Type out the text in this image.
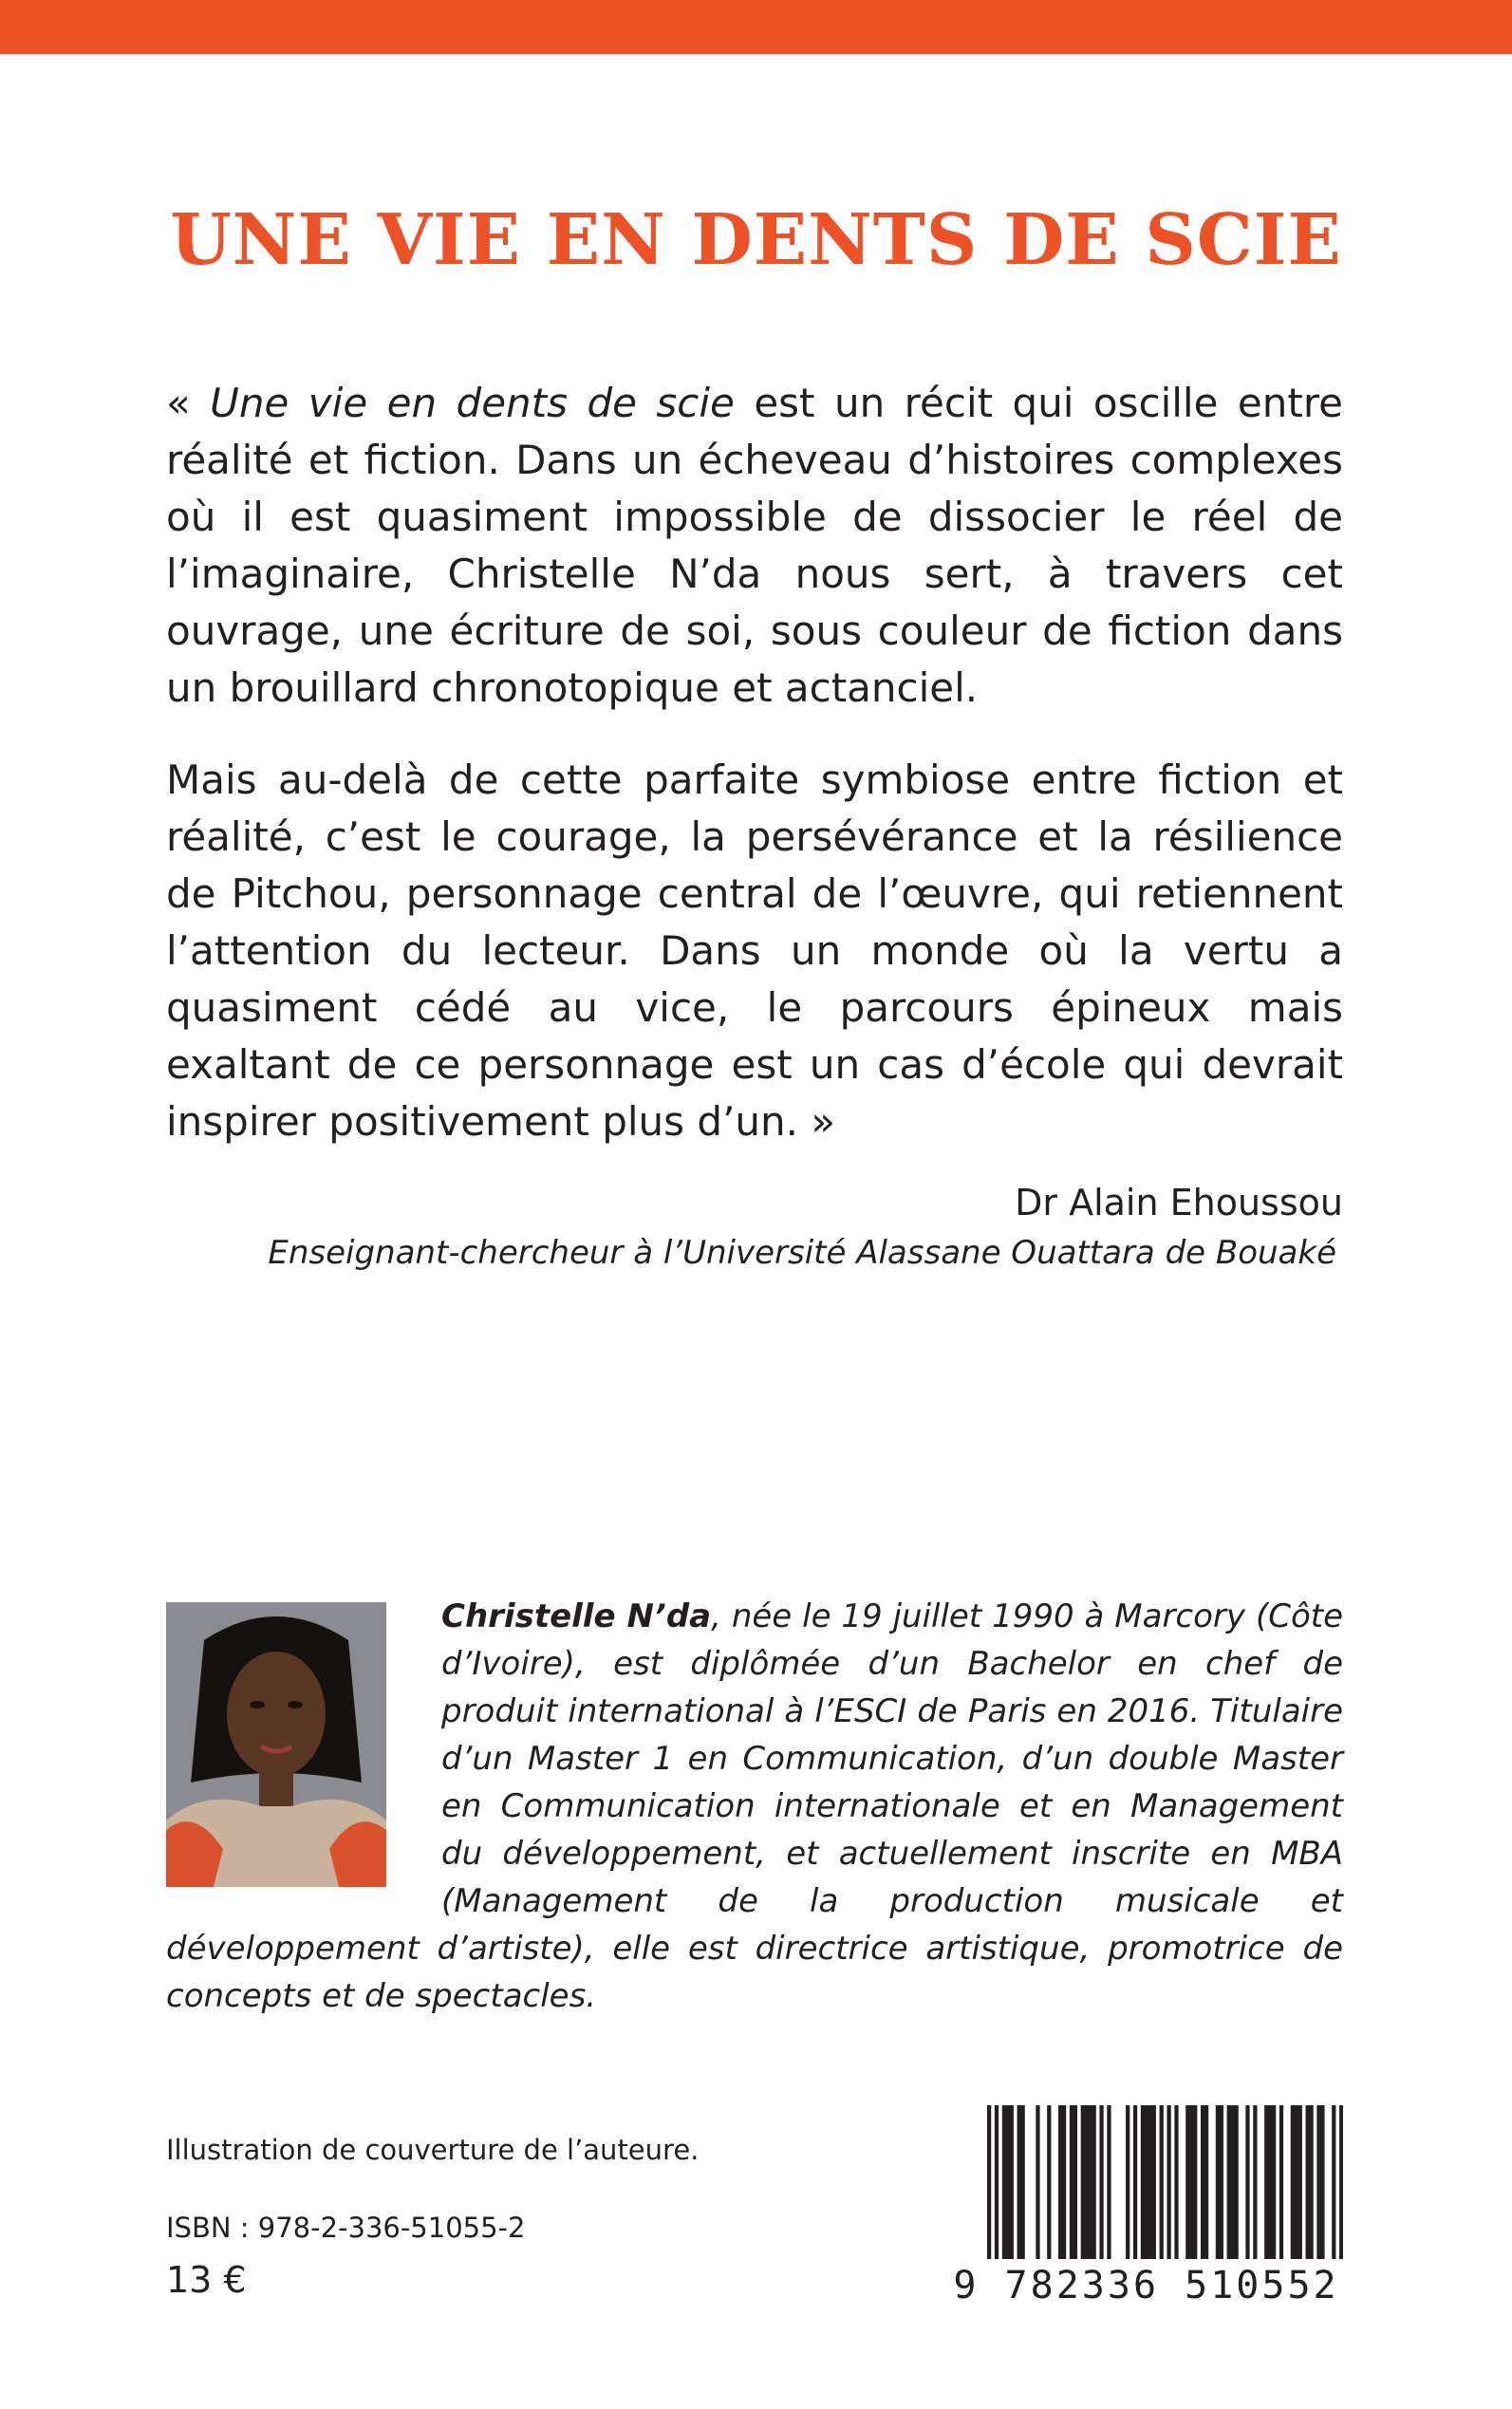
UNE VIE EN DENTS DE SCIE

« Une vie en dents de scie est un récit qui oscille entre réalité et fiction. Dans un écheveau d’histoires complexes où il est quasiment impossible de dissocier le réel de l’imaginaire, Christelle N’da nous sert, à travers cet ouvrage, une écriture de soi, sous couleur de fiction dans un brouillard chronotopique et actanciel.

Mais au-delà de cette parfaite symbiose entre fiction et réalité, c’est le courage, la persévérance et la résilience de Pitchou, personnage central de l’œuvre, qui retiennent l’attention du lecteur. Dans un monde où la vertu a quasiment cédé au vice, le parcours épineux mais exaltant de ce personnage est un cas d’école qui devrait inspirer positivement plus d’un. »

Dr Alain Ehoussou
Enseignant-chercheur à l’Université Alassane Ouattara de Bouaké

Christelle N’da, née le 19 juillet 1990 à Marcory (Côte d’Ivoire), est diplômée d’un Bachelor en chef de produit international à l’ESCI de Paris en 2016. Titulaire d’un Master 1 en Communication, d’un double Master en Communication internationale et en Management du développement, et actuellement inscrite en MBA (Management de la production musicale et développement d’artiste), elle est directrice artistique, promotrice de concepts et de spectacles.

Illustration de couverture de l’auteure.
ISBN : 978-2-336-51055-2
13 €	9 782336 510552
